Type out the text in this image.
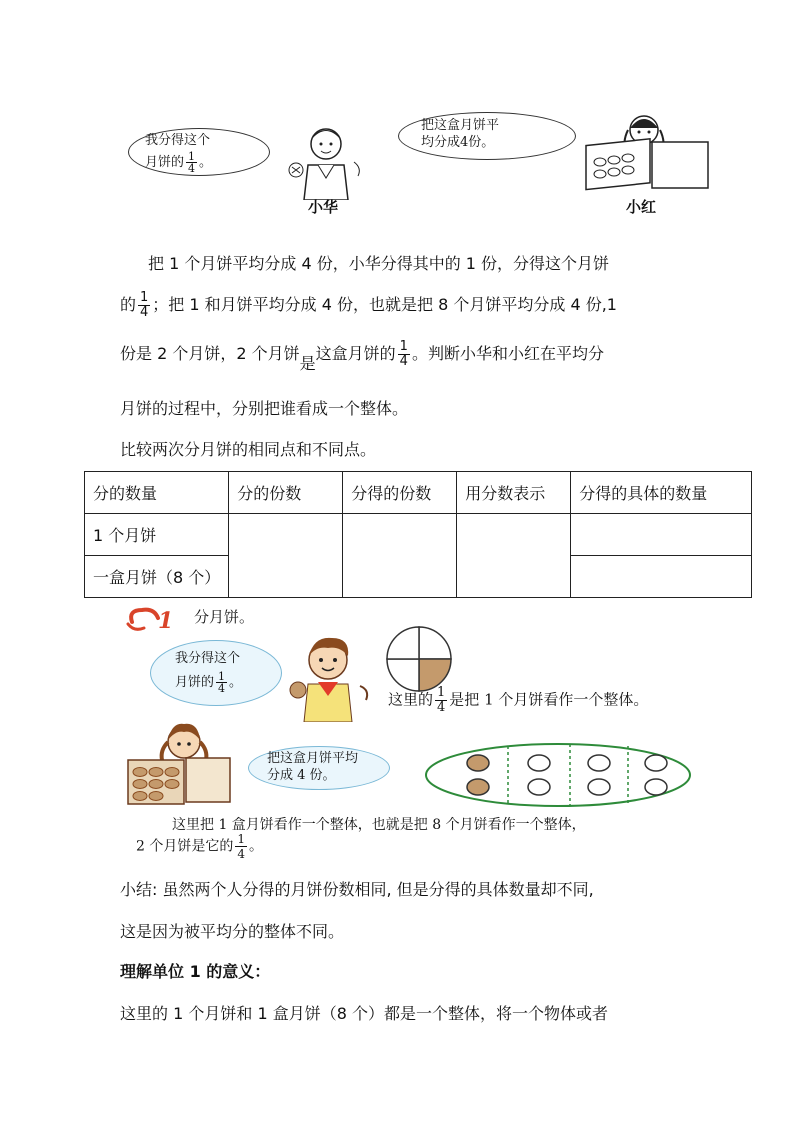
我分得这个
月饼的 $\frac{1}{4}$ 。
小华
把这盒月饼平
均分成4份。
小红
把 1 个月饼平均分成 4 份，小华分得其中的 1 份，分得这个月饼
的 $\frac{1}{4}$ ；把 1 和月饼平均分成 4 份，也就是把 8 个月饼平均分成 4 份,1
份是 2 个月饼，2 个月饼是这盒月饼的 $\frac{1}{4}$ 。判断小华和小红在平均分
月饼的过程中，分别把谁看成一个整体。
比较两次分月饼的相同点和不同点。
分的数量	分的份数	分得的份数	用分数表示	分得的具体的数量
1 个月饼				
一盒月饼（8 个）				
1 分月饼。
我分得这个
月饼的 $\frac{1}{4}$ 。
这里的 $\frac{1}{4}$ 是把 1 个月饼看作一个整体。
把这盒月饼平均
分成 4 份。
这里把 1 盒月饼看作一个整体，也就是把 8 个月饼看作一个整体，
2 个月饼是它的 $\frac{1}{4}$ 。
小结: 虽然两个人分得的月饼份数相同, 但是分得的具体数量却不同,
这是因为被平均分的整体不同。
理解单位 1 的意义：
这里的 1 个月饼和 1 盒月饼（8 个）都是一个整体，将一个物体或者
